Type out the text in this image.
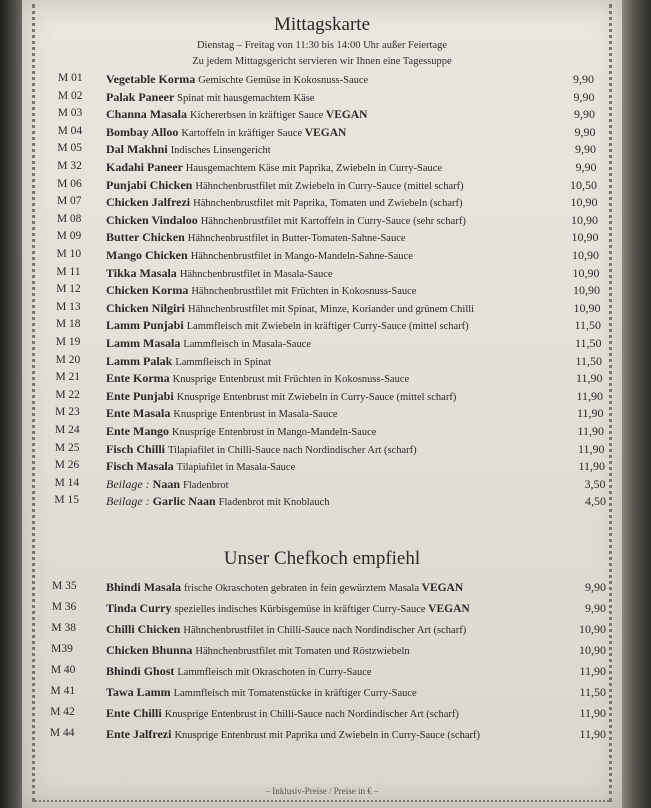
Mittagskarte
Dienstag – Freitag von 11:30 bis 14:00 Uhr außer Feiertage
Zu jedem Mittagsgericht servieren wir Ihnen eine Tagessuppe
M 01	Vegetable Korma Gemischte Gemüse in Kokosnuss-Sauce	9,90
M 02	Palak Paneer Spinat mit hausgemachtem Käse	9,90
M 03	Channa Masala Kichererbsen in kräftiger Sauce VEGAN	9,90
M 04	Bombay Alloo Kartoffeln in kräftiger Sauce VEGAN	9,90
M 05	Dal Makhni Indisches Linsengericht	9,90
M 32	Kadahi Paneer Hausgemachtem Käse mit Paprika, Zwiebeln in Curry-Sauce	9,90
M 06	Punjabi Chicken Hähnchenbrustfilet mit Zwiebeln in Curry-Sauce (mittel scharf)	10,50
M 07	Chicken Jalfrezi Hähnchenbrustfilet mit Paprika, Tomaten und Zwiebeln (scharf)	10,90
M 08	Chicken Vindaloo Hähnchenbrustfilet mit Kartoffeln in Curry-Sauce (sehr scharf)	10,90
M 09	Butter Chicken Hähnchenbrustfilet in Butter-Tomaten-Sahne-Sauce	10,90
M 10	Mango Chicken Hähnchenbrustfilet in Mango-Mandeln-Sahne-Sauce	10,90
M 11	Tikka Masala Hähnchenbrustfilet in Masala-Sauce	10,90
M 12	Chicken Korma Hähnchenbrustfilet mit Früchten in Kokosnuss-Sauce	10,90
M 13	Chicken Nilgiri Hähnchenbrustfilet mit Spinat, Minze, Koriander und grünem Chilli	10,90
M 18	Lamm Punjabi Lammfleisch mit Zwiebeln in kräftiger Curry-Sauce (mittel scharf)	11,50
M 19	Lamm Masala Lammfleisch in Masala-Sauce	11,50
M 20	Lamm Palak Lammfleisch in Spinat	11,50
M 21	Ente Korma Knusprige Entenbrust mit Früchten in Kokosnuss-Sauce	11,90
M 22	Ente Punjabi Knusprige Entenbrust mit Zwiebeln in Curry-Sauce (mittel scharf)	11,90
M 23	Ente Masala Knusprige Entenbrust in Masala-Sauce	11,90
M 24	Ente Mango Knusprige Entenbrust in Mango-Mandeln-Sauce	11,90
M 25	Fisch Chilli Tilapiafilet in Chilli-Sauce nach Nordindischer Art (scharf)	11,90
M 26	Fisch Masala Tilapiafilet in Masala-Sauce	11,90
M 14	Beilage : Naan Fladenbrot	3,50
M 15	Beilage : Garlic Naan Fladenbrot mit Knoblauch	4,50
Unser Chefkoch empfiehl
M 35	Bhindi Masala frische Okraschoten gebraten in fein gewürztem Masala VEGAN	9,90
M 36	Tinda Curry spezielles indisches Kürbisgemüse in kräftiger Curry-Sauce VEGAN	9,90
M 38	Chilli Chicken Hähnchenbrustfilet in Chilli-Sauce nach Nordindischer Art (scharf)	10,90
M39	Chicken Bhunna Hähnchenbrustfilet mit Tomaten und Röstzwiebeln	10,90
M 40	Bhindi Ghost Lammfleisch mit Okraschoten in Curry-Sauce	11,90
M 41	Tawa Lamm Lammfleisch mit Tomatenstücke in kräftiger Curry-Sauce	11,50
M 42	Ente Chilli Knusprige Entenbrust in Chilli-Sauce nach Nordindischer Art (scharf)	11,90
M 44	Ente Jalfrezi Knusprige Entenbrust mit Paprika und Zwiebeln in Curry-Sauce (scharf)	11,90
– Inklusiv-Preise / Preise in € –
